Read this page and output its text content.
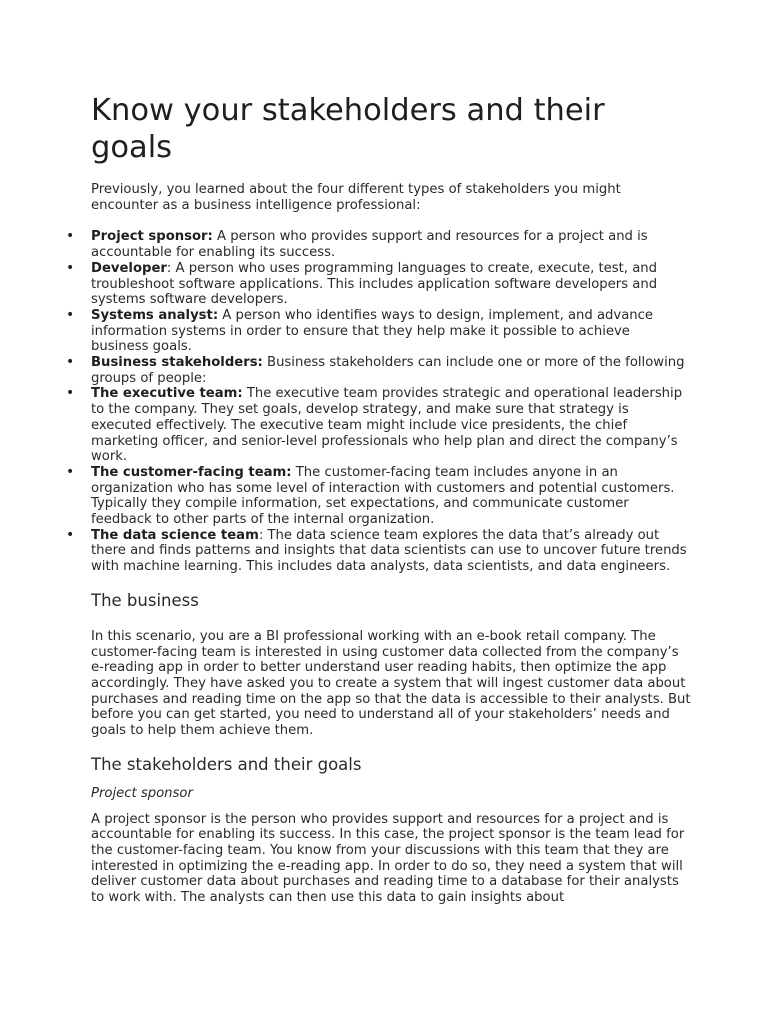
Know your stakeholders and their goals

Previously, you learned about the four different types of stakeholders you might encounter as a business intelligence professional:

• Project sponsor: A person who provides support and resources for a project and is accountable for enabling its success.
• Developer: A person who uses programming languages to create, execute, test, and troubleshoot software applications. This includes application software developers and systems software developers.
• Systems analyst: A person who identifies ways to design, implement, and advance information systems in order to ensure that they help make it possible to achieve business goals.
• Business stakeholders: Business stakeholders can include one or more of the following groups of people:
• The executive team: The executive team provides strategic and operational leadership to the company. They set goals, develop strategy, and make sure that strategy is executed effectively. The executive team might include vice presidents, the chief marketing officer, and senior-level professionals who help plan and direct the company’s work.
• The customer-facing team: The customer-facing team includes anyone in an organization who has some level of interaction with customers and potential customers. Typically they compile information, set expectations, and communicate customer feedback to other parts of the internal organization.
• The data science team: The data science team explores the data that’s already out there and finds patterns and insights that data scientists can use to uncover future trends with machine learning. This includes data analysts, data scientists, and data engineers.
The business

In this scenario, you are a BI professional working with an e-book retail company. The customer-facing team is interested in using customer data collected from the company’s e-reading app in order to better understand user reading habits, then optimize the app accordingly. They have asked you to create a system that will ingest customer data about purchases and reading time on the app so that the data is accessible to their analysts. But before you can get started, you need to understand all of your stakeholders’ needs and goals to help them achieve them.

The stakeholders and their goals
Project sponsor

A project sponsor is the person who provides support and resources for a project and is accountable for enabling its success. In this case, the project sponsor is the team lead for the customer-facing team. You know from your discussions with this team that they are interested in optimizing the e-reading app. In order to do so, they need a system that will deliver customer data about purchases and reading time to a database for their analysts to work with. The analysts can then use this data to gain insights about
